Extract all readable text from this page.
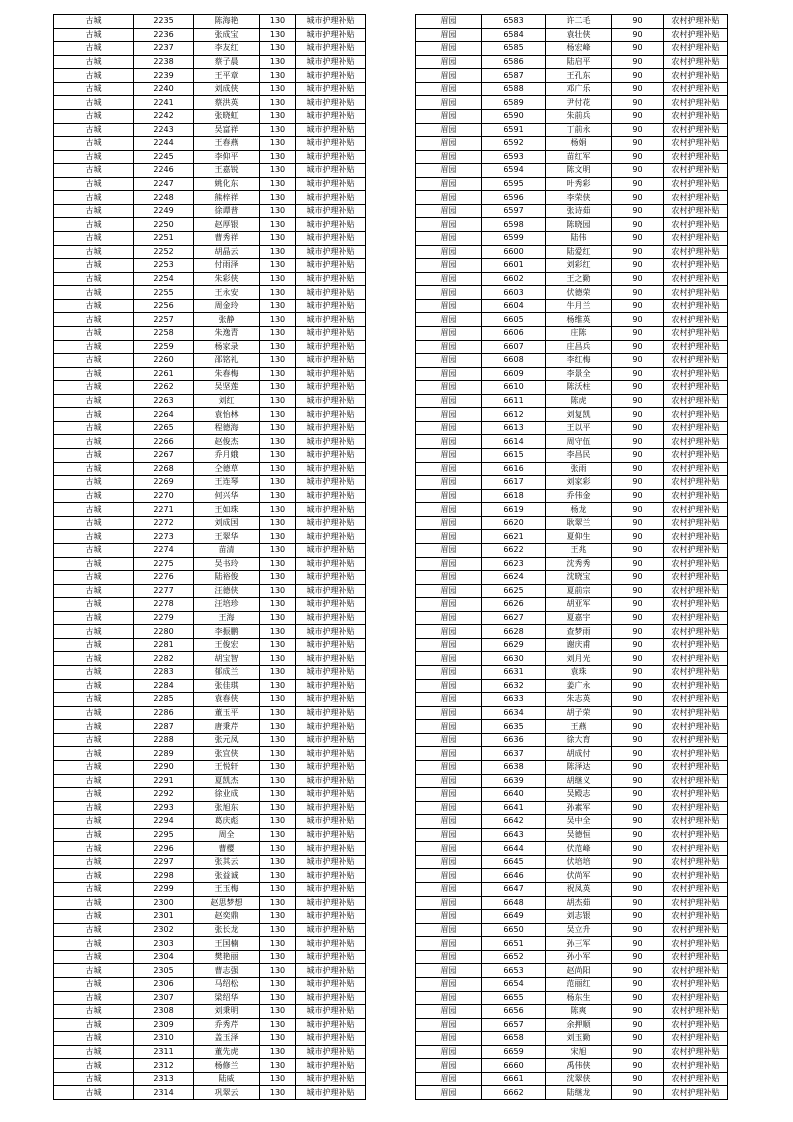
古城	2235	陈海艳	130	城市护理补贴
古城	2236	张成宝	130	城市护理补贴
古城	2237	李友红	130	城市护理补贴
古城	2238	蔡子晨	130	城市护理补贴
古城	2239	王平章	130	城市护理补贴
古城	2240	刘成侠	130	城市护理补贴
古城	2241	蔡洪英	130	城市护理补贴
古城	2242	张晓虹	130	城市护理补贴
古城	2243	吴富祥	130	城市护理补贴
古城	2244	王春燕	130	城市护理补贴
古城	2245	李仰平	130	城市护理补贴
古城	2246	王嘉锐	130	城市护理补贴
古城	2247	姚化东	130	城市护理补贴
古城	2248	熊梓祥	130	城市护理补贴
古城	2249	徐谭普	130	城市护理补贴
古城	2250	赵厚银	130	城市护理补贴
古城	2251	曹秀祥	130	城市护理补贴
古城	2252	胡晶云	130	城市护理补贴
古城	2253	付雨泽	130	城市护理补贴
古城	2254	朱彩侠	130	城市护理补贴
古城	2255	王永安	130	城市护理补贴
古城	2256	周金玲	130	城市护理补贴
古城	2257	张静	130	城市护理补贴
古城	2258	朱逸青	130	城市护理补贴
古城	2259	杨家录	130	城市护理补贴
古城	2260	邵铭礼	130	城市护理补贴
古城	2261	朱春梅	130	城市护理补贴
古城	2262	吴坚莲	130	城市护理补贴
古城	2263	刘红	130	城市护理补贴
古城	2264	袁怡林	130	城市护理补贴
古城	2265	程德海	130	城市护理补贴
古城	2266	赵俊杰	130	城市护理补贴
古城	2267	乔月娥	130	城市护理补贴
古城	2268	仝德草	130	城市护理补贴
古城	2269	王连琴	130	城市护理补贴
古城	2270	何兴华	130	城市护理补贴
古城	2271	王如珠	130	城市护理补贴
古城	2272	刘成国	130	城市护理补贴
古城	2273	王翠华	130	城市护理补贴
古城	2274	苗清	130	城市护理补贴
古城	2275	吴书玲	130	城市护理补贴
古城	2276	陆裕俊	130	城市护理补贴
古城	2277	汪德侠	130	城市护理补贴
古城	2278	汪培珍	130	城市护理补贴
古城	2279	王海	130	城市护理补贴
古城	2280	李振鹏	130	城市护理补贴
古城	2281	王俊宏	130	城市护理补贴
古城	2282	胡宝智	130	城市护理补贴
古城	2283	郁成兰	130	城市护理补贴
古城	2284	张佳琪	130	城市护理补贴
古城	2285	袁春侠	130	城市护理补贴
古城	2286	董玉平	130	城市护理补贴
古城	2287	唐秉芹	130	城市护理补贴
古城	2288	张元凤	130	城市护理补贴
古城	2289	张宜侠	130	城市护理补贴
古城	2290	王悦轩	130	城市护理补贴
古城	2291	夏凯杰	130	城市护理补贴
古城	2292	徐业成	130	城市护理补贴
古城	2293	张旭东	130	城市护理补贴
古城	2294	葛庆彪	130	城市护理补贴
古城	2295	周全	130	城市护理补贴
古城	2296	曹樱	130	城市护理补贴
古城	2297	张其云	130	城市护理补贴
古城	2298	张益诚	130	城市护理补贴
古城	2299	王玉梅	130	城市护理补贴
古城	2300	赵思梦想	130	城市护理补贴
古城	2301	赵奕鼎	130	城市护理补贴
古城	2302	张长龙	130	城市护理补贴
古城	2303	王国楠	130	城市护理补贴
古城	2304	樊艳丽	130	城市护理补贴
古城	2305	曹志强	130	城市护理补贴
古城	2306	马绍松	130	城市护理补贴
古城	2307	梁绍华	130	城市护理补贴
古城	2308	刘秉明	130	城市护理补贴
古城	2309	乔秀芹	130	城市护理补贴
古城	2310	盖玉泽	130	城市护理补贴
古城	2311	董先虎	130	城市护理补贴
古城	2312	杨修兰	130	城市护理补贴
古城	2313	陆威	130	城市护理补贴
古城	2314	巩翠云	130	城市护理补贴
眉园	6583	许二毛	90	农村护理补贴
眉园	6584	袁壮侠	90	农村护理补贴
眉园	6585	杨宏峰	90	农村护理补贴
眉园	6586	陆启平	90	农村护理补贴
眉园	6587	王孔东	90	农村护理补贴
眉园	6588	邓广乐	90	农村护理补贴
眉园	6589	尹付花	90	农村护理补贴
眉园	6590	朱前兵	90	农村护理补贴
眉园	6591	丁前永	90	农村护理补贴
眉园	6592	杨娟	90	农村护理补贴
眉园	6593	苗红军	90	农村护理补贴
眉园	6594	陈文明	90	农村护理补贴
眉园	6595	叶秀彩	90	农村护理补贴
眉园	6596	李荣侠	90	农村护理补贴
眉园	6597	张诗茹	90	农村护理补贴
眉园	6598	陈晓园	90	农村护理补贴
眉园	6599	陆伟	90	农村护理补贴
眉园	6600	陆爱红	90	农村护理补贴
眉园	6601	刘彩红	90	农村护理补贴
眉园	6602	王之勤	90	农村护理补贴
眉园	6603	伏德荣	90	农村护理补贴
眉园	6604	牛月兰	90	农村护理补贴
眉园	6605	杨维英	90	农村护理补贴
眉园	6606	庄陈	90	农村护理补贴
眉园	6607	庄昌兵	90	农村护理补贴
眉园	6608	李红梅	90	农村护理补贴
眉园	6609	李景全	90	农村护理补贴
眉园	6610	陈沃柱	90	农村护理补贴
眉园	6611	陈虎	90	农村护理补贴
眉园	6612	刘复凯	90	农村护理补贴
眉园	6613	王以平	90	农村护理补贴
眉园	6614	周守伍	90	农村护理补贴
眉园	6615	李昌民	90	农村护理补贴
眉园	6616	张雨	90	农村护理补贴
眉园	6617	刘家彩	90	农村护理补贴
眉园	6618	乔伟金	90	农村护理补贴
眉园	6619	杨龙	90	农村护理补贴
眉园	6620	耿翠兰	90	农村护理补贴
眉园	6621	夏仰生	90	农村护理补贴
眉园	6622	王兆	90	农村护理补贴
眉园	6623	沈秀秀	90	农村护理补贴
眉园	6624	沈晓宝	90	农村护理补贴
眉园	6625	夏前宗	90	农村护理补贴
眉园	6626	胡亚军	90	农村护理补贴
眉园	6627	夏嘉宇	90	农村护理补贴
眉园	6628	查梦雨	90	农村护理补贴
眉园	6629	谢庆甫	90	农村护理补贴
眉园	6630	刘月光	90	农村护理补贴
眉园	6631	袁珠	90	农村护理补贴
眉园	6632	姜广永	90	农村护理补贴
眉园	6633	朱志英	90	农村护理补贴
眉园	6634	胡子荣	90	农村护理补贴
眉园	6635	王燕	90	农村护理补贴
眉园	6636	徐大育	90	农村护理补贴
眉园	6637	胡成付	90	农村护理补贴
眉园	6638	陈泽达	90	农村护理补贴
眉园	6639	胡继义	90	农村护理补贴
眉园	6640	吴殿志	90	农村护理补贴
眉园	6641	孙素军	90	农村护理补贴
眉园	6642	吴中全	90	农村护理补贴
眉园	6643	吴德恒	90	农村护理补贴
眉园	6644	伏范峰	90	农村护理补贴
眉园	6645	伏培培	90	农村护理补贴
眉园	6646	伏尚军	90	农村护理补贴
眉园	6647	祝凤英	90	农村护理补贴
眉园	6648	胡杰茹	90	农村护理补贴
眉园	6649	刘志银	90	农村护理补贴
眉园	6650	吴立升	90	农村护理补贴
眉园	6651	孙三军	90	农村护理补贴
眉园	6652	孙小军	90	农村护理补贴
眉园	6653	赵尚阳	90	农村护理补贴
眉园	6654	范丽红	90	农村护理补贴
眉园	6655	杨东生	90	农村护理补贴
眉园	6656	陈爽	90	农村护理补贴
眉园	6657	余押顺	90	农村护理补贴
眉园	6658	刘玉勤	90	农村护理补贴
眉园	6659	宋旭	90	农村护理补贴
眉园	6660	禹伟侠	90	农村护理补贴
眉园	6661	沈翠侠	90	农村护理补贴
眉园	6662	陆继龙	90	农村护理补贴
